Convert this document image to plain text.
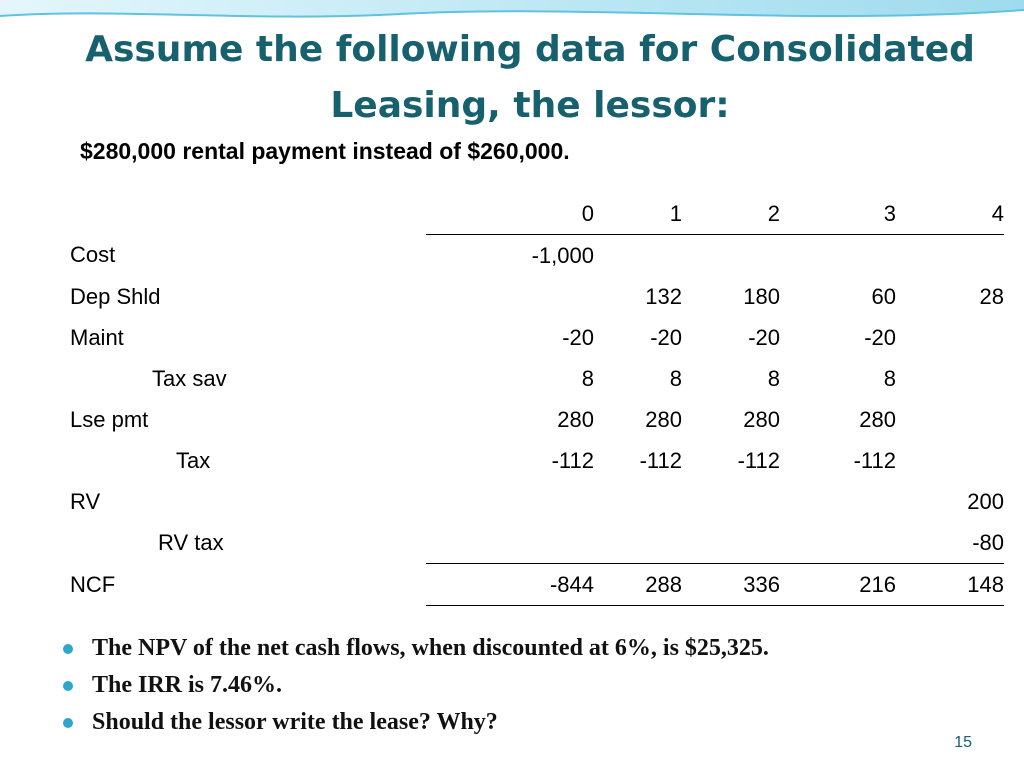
Assume the following data for Consolidated
Leasing, the lessor:
$280,000 rental payment instead of $260,000.
	0	1	2	3	4
Cost	-1,000				
Dep Shld		132	180	60	28
Maint	-20	-20	-20	-20	
Tax sav	8	8	8	8	
Lse pmt	280	280	280	280	
Tax	-112	-112	-112	-112	
RV					200
RV tax					-80
NCF	-844	288	336	216	148
The NPV of the net cash flows, when discounted at 6%, is $25,325.
The IRR is 7.46%.
Should the lessor write the lease? Why?
15
